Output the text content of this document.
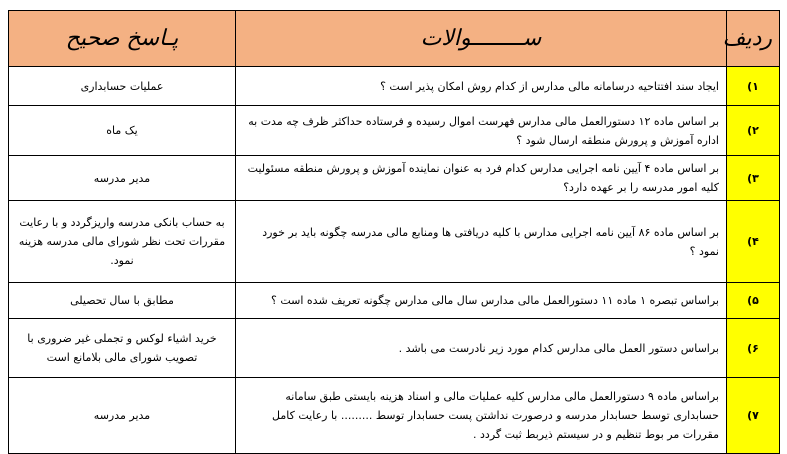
ردیف	ســــــــوالات	پـاسخ صحیح
۱)	ایجاد سند افتتاحیه درسامانه مالی مدارس از کدام روش امکان پذیر است ؟	عملیات حسابداری
۲)	بر اساس ماده ۱۲ دستورالعمل مالی مدارس فهرست اموال رسیده و فرستاده حداکثر ظرف چه مدت به اداره آموزش و پرورش منطقه ارسال شود ؟	یک ماه
۳)	بر اساس ماده ۴ آیین نامه اجرایی مدارس کدام فرد به عنوان نماینده آموزش و پرورش منطقه مسئولیت کلیه امور مدرسه را بر عهده دارد؟	مدیر مدرسه
۴)	بر اساس ماده ۸۶ آیین نامه اجرایی مدارس با کلیه دریافتی ها ومنابع مالی مدرسه چگونه باید بر خورد نمود ؟	به حساب بانکی مدرسه واریزگردد و با رعایت مقررات تحت نظر شورای مالی مدرسه هزینه نمود.
۵)	براساس تبصره ۱ ماده ۱۱ دستورالعمل مالی مدارس سال مالی مدارس چگونه تعریف شده است ؟	مطابق با سال تحصیلی
۶)	براساس دستور العمل مالی مدارس کدام مورد زیر نادرست می باشد .	خرید اشیاء لوکس و تجملی غیر ضروری با تصویب شورای مالی بلامانع است
۷)	براساس ماده ۹ دستورالعمل مالی مدارس کلیه عملیات مالی و اسناد هزینه بایستی طبق سامانه حسابداری توسط حسابدار مدرسه و درصورت نداشتن پست حسابدار توسط ......... با رعایت کامل مقررات مر بوط تنظیم و در سیستم ذیربط ثبت گردد .	مدیر مدرسه
